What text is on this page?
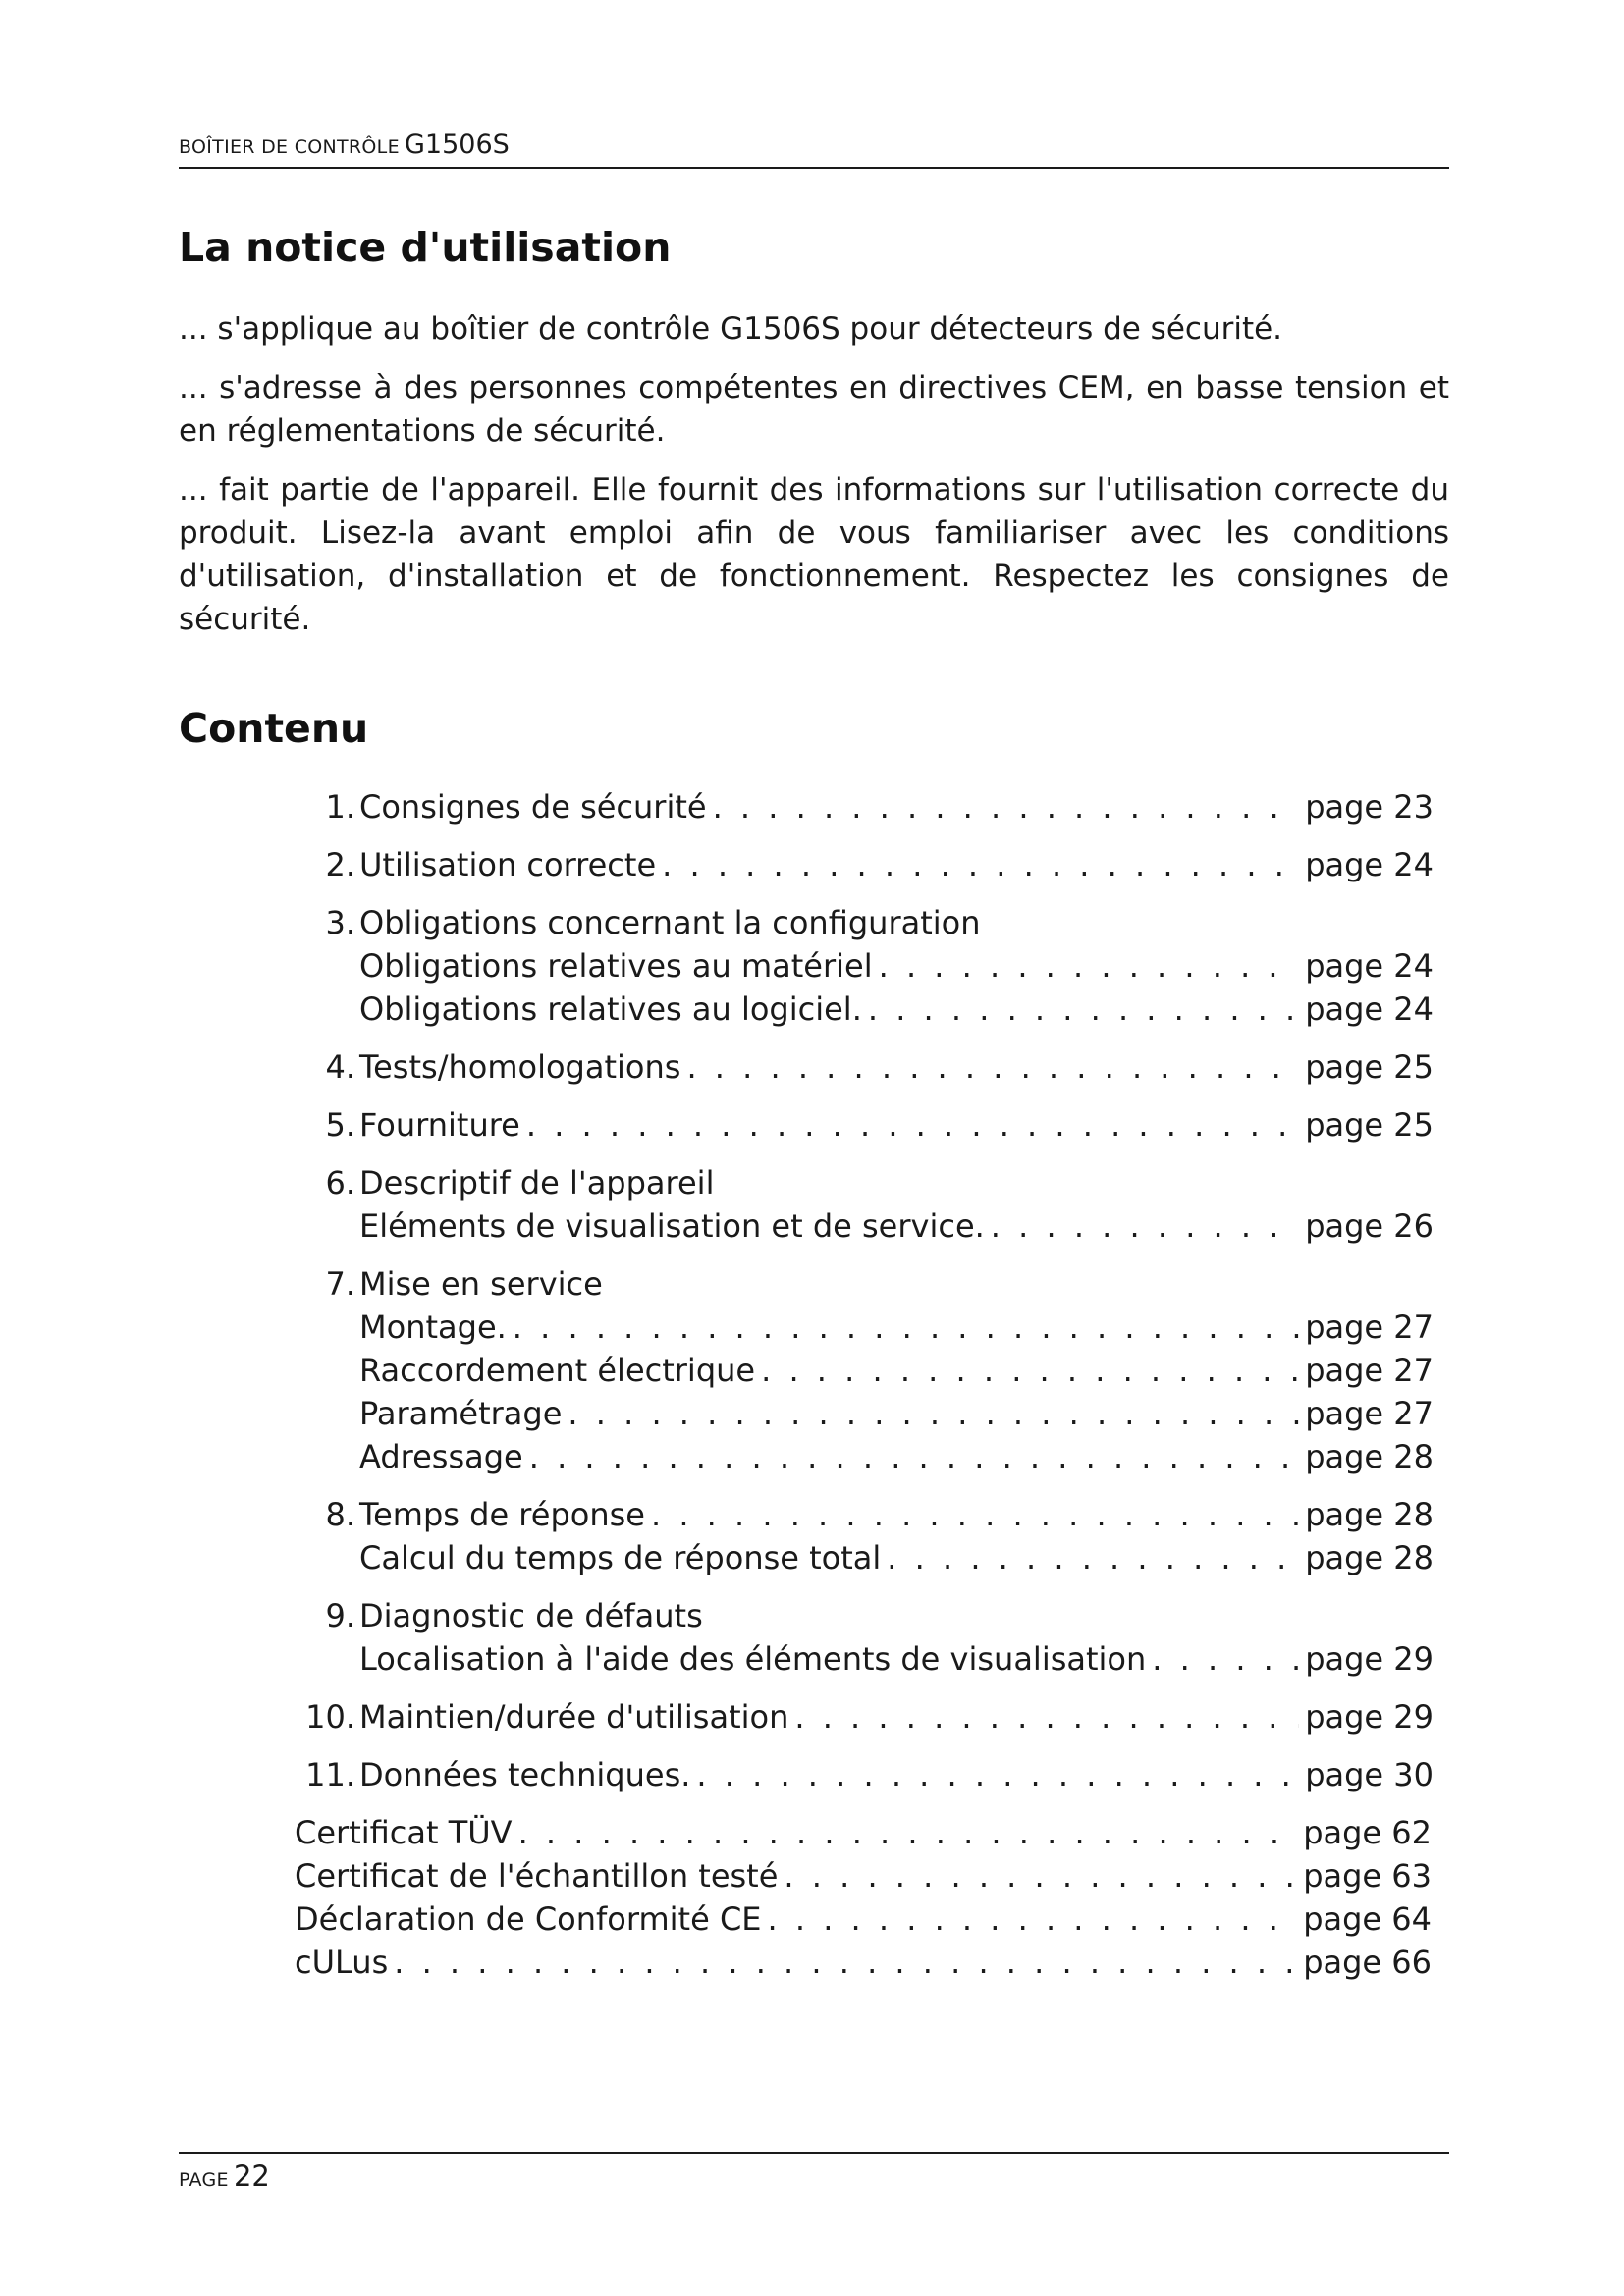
BOÎTIER DE CONTRÔLE G1506S
La notice d'utilisation

... s'applique au boîtier de contrôle G1506S pour détecteurs de sécurité.

... s'adresse à des personnes compétentes en directives CEM, en basse tension et en réglementations de sécurité.

... fait partie de l'appareil. Elle fournit des informations sur l'utilisation correcte du produit. Lisez-la avant emploi afin de vous familiariser avec les conditions d'utilisation, d'installation et de fonctionnement. Respectez les consignes de sécurité.

Contenu
1. Consignes de sécurité . . .	page 23
2. Utilisation correcte . . .	page 24
3. Obligations concernant la configuration
Obligations relatives au matériel . . .	page 24
Obligations relatives au logiciel. . . .	page 24
4. Tests/homologations . . .	page 25
5. Fourniture . . .	page 25
6. Descriptif de l'appareil
Eléments de visualisation et de service. . . .	page 26
7. Mise en service
Montage. . . .	page 27
Raccordement électrique . . .	page 27
Paramétrage . . .	page 27
Adressage . . .	page 28
8. Temps de réponse . . .	page 28
Calcul du temps de réponse total . . .	page 28
9. Diagnostic de défauts
Localisation à l'aide des éléments de visualisation . . .	page 29
10. Maintien/durée d'utilisation . . .	page 29
11. Données techniques. . . .	page 30
Certificat TÜV . . .	page 62
Certificat de l'échantillon testé . . .	page 63
Déclaration de Conformité CE . . .	page 64
cULus . . .	page 66
PAGE 22
